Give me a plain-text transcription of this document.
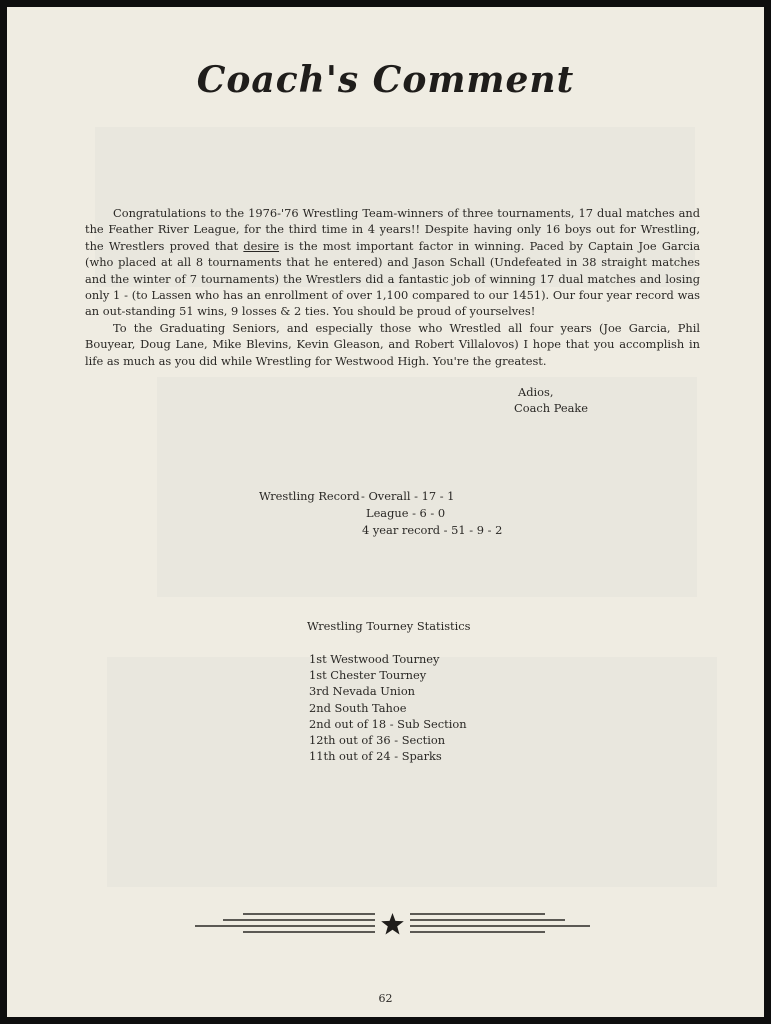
Coach's Comment

Congratulations to the 1976-'76 Wrestling Team-winners of three tournaments, 17 dual matches and the Feather River League, for the third time in 4 years!! Despite having only 16 boys out for Wrestling, the Wrestlers proved that desire is the most important factor in winning. Paced by Captain Joe Garcia (who placed at all 8 tournaments that he entered) and Jason Schall (Undefeated in 38 straight matches and the winter of 7 tournaments) the Wrestlers did a fantastic job of winning 17 dual matches and losing only 1 - (to Lassen who has an enrollment of over 1,100 compared to our 1451). Our four year record was an out-standing 51 wins, 9 losses & 2 ties. You should be proud of yourselves!

To the Graduating Seniors, and especially those who Wrestled all four years (Joe Garcia, Phil Bouyear, Doug Lane, Mike Blevins, Kevin Gleason, and Robert Villalovos) I hope that you accomplish in life as much as you did while Wrestling for Westwood High. You're the greatest.

Adios,
Coach Peake
Wrestling Record - Overall - 17 - 1
League - 6 - 0
4 year record - 51 - 9 - 2
Wrestling Tourney Statistics
1st Westwood Tourney
1st Chester Tourney
3rd Nevada Union
2nd South Tahoe
2nd out of 18 - Sub Section
12th out of 36 - Section
11th out of 24 - Sparks
62
